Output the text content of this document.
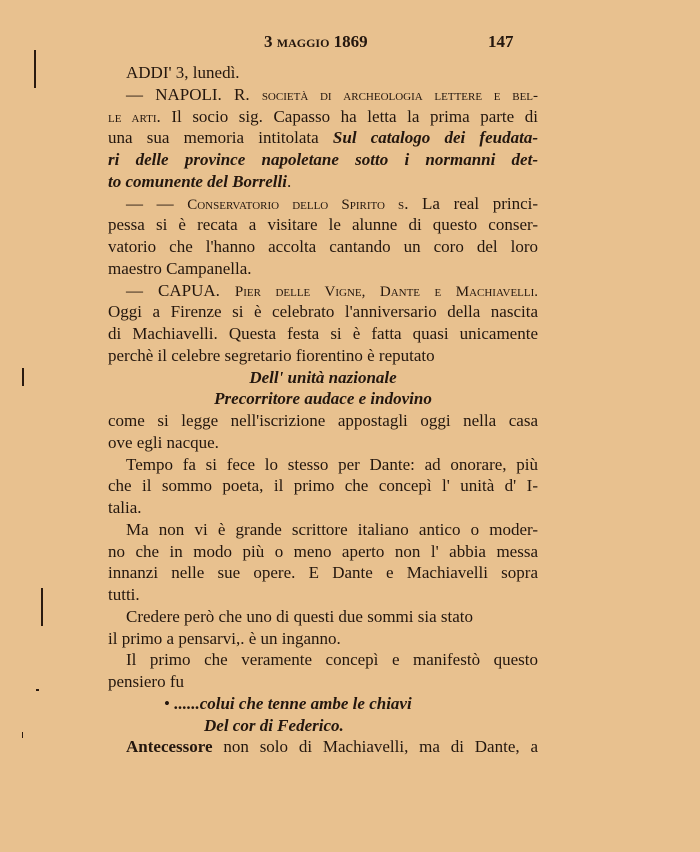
3 maggio 1869	147
ADDI' 3, lunedì.
— NAPOLI. R. società di archeologia lettere e bel-
le arti. Il socio sig. Capasso ha letta la prima parte di
una sua memoria intitolata Sul catalogo dei feudata-
ri delle province napoletane sotto i normanni det-
to comunente del Borrelli.
— — Conservatorio dello Spirito s. La real princi-
pessa si è recata a visitare le alunne di questo conser-
vatorio che l'hanno accolta cantando un coro del loro
maestro Campanella.
— CAPUA. Pier delle Vigne, Dante e Machiavelli.
Oggi a Firenze si è celebrato l'anniversario della nascita
di Machiavelli. Questa festa si è fatta quasi unicamente
perchè il celebre segretario fiorentino è reputato
Dell' unità nazionale
Precorritore audace e indovino
come si legge nell'iscrizione appostagli oggi nella casa
ove egli nacque.
Tempo fa si fece lo stesso per Dante: ad onorare, più
che il sommo poeta, il primo che concepì l' unità d' I-
talia.
Ma non vi è grande scrittore italiano antico o moder-
no che in modo più o meno aperto non l' abbia messa
innanzi nelle sue opere. E Dante e Machiavelli sopra
tutti.
Credere però che uno di questi due sommi sia stato
il primo a pensarvi,. è un inganno.
Il primo che veramente concepì e manifestò questo
pensiero fu
• ......colui che tenne ambe le chiavi
Del cor di Federico.
Antecessore non solo di Machiavelli, ma di Dante, a
